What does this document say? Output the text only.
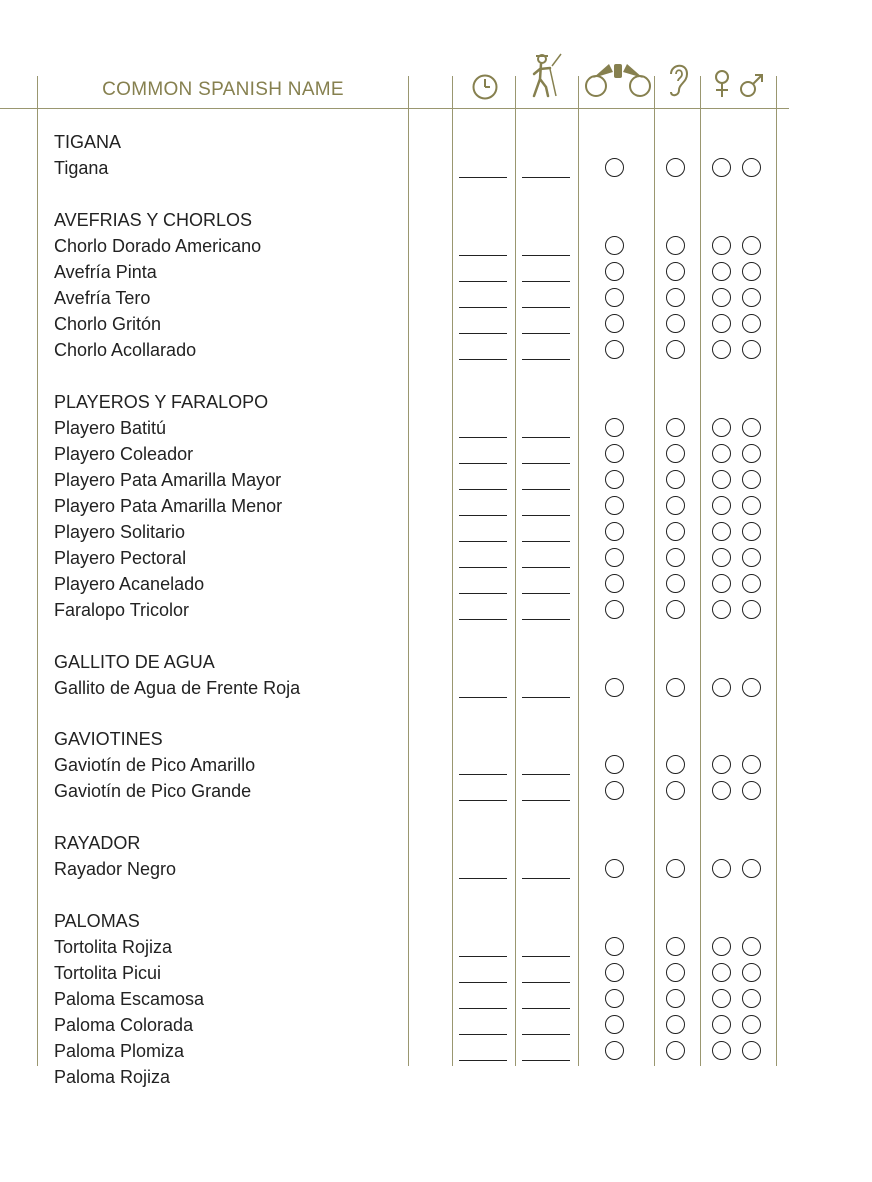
COMMON SPANISH NAME
TIGANA
Tigana
AVEFRIAS Y CHORLOS
Chorlo Dorado Americano
Avefría Pinta
Avefría Tero
Chorlo Gritón
Chorlo Acollarado
PLAYEROS Y FARALOPO
Playero Batitú
Playero Coleador
Playero Pata Amarilla Mayor
Playero Pata Amarilla Menor
Playero Solitario
Playero Pectoral
Playero Acanelado
Faralopo Tricolor
GALLITO DE AGUA
Gallito de Agua de Frente Roja
GAVIOTINES
Gaviotín de Pico Amarillo
Gaviotín de Pico Grande
RAYADOR
Rayador Negro
PALOMAS
Tortolita Rojiza
Tortolita Picui
Paloma Escamosa
Paloma Colorada
Paloma Plomiza
Paloma Rojiza
